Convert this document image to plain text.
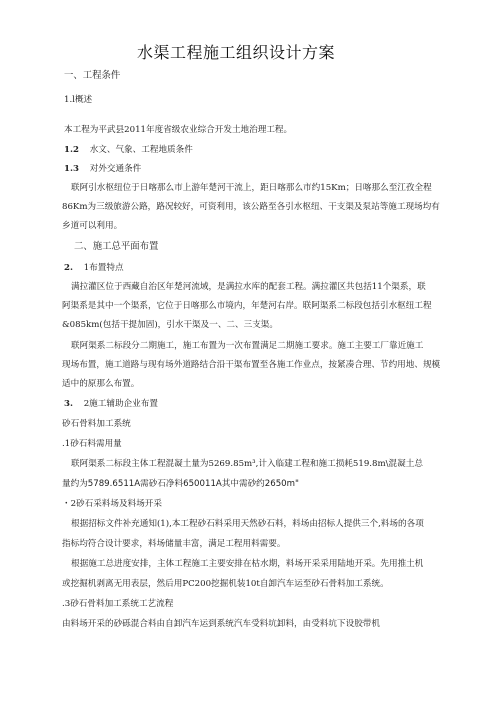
水渠工程施工组织设计方案
一、工程条件
1.l概述
本工程为平武县2011年度省级农业综合开发土地治理工程。
1.2 水文、气象、工程地质条件
1.3 对外交通条件
联阿引水枢纽位于日喀那么市上游年楚河干流上，距日喀那么市约15Km；日喀那么至江孜全程
86Km为三级旅游公路，路况较好，可资利用，该公路至各引水枢纽、干支渠及泵站等施工现场均有
乡道可以利用。
二、施工总平面布置
2. 1布置特点
满拉灌区位于西藏自治区年楚河流域，是满拉水库的配套工程。满拉灌区共包括11个渠系，联
阿渠系是其中一个渠系，它位于日喀那么市境内，年楚河右岸。联阿渠系二标段包括引水枢纽工程
&085km(包括干提加固)，引水干渠及一、二、三支渠。
联阿渠系二标段分二期施工，施工布置为一次布置满足二期施工要求。施工主要工厂靠近施工
现场布置，施工道路与现有场外道路结合沿干渠布置至各施工作业点，按紧凑合理、节约用地、规模
适中的原那么布置。
3. 2施工辅助企业布置
砂石骨料加工系统
.1砂石料需用量
联阿渠系二标段主体工程混凝土量为5269.85m³,计入临建工程和施工损耗519.8m\混凝土总
量约为5789.6511A需砂石净料650011A其中需砂约2650m"
・2砂石采料场及料场开采
根据招标文件补充通知(1),本工程砂石料采用天然砂石料，料场由招标人提供三个,料场的各项
指标均符合设计要求，料场储量丰富，满足工程用料需要。
根据施工总进度安排，主体工程施工主要安排在枯水期，料场开采采用陆地开采。先用推土机
或挖掘机剥离无用表层，然后用PC200挖掘机装10t自卸汽车运至砂石骨料加工系统。
.3砂石骨料加工系统工艺流程
由料场开采的砂砾混合料由自卸汽车运到系统汽车受料坑卸料，由受料坑下设胶带机
